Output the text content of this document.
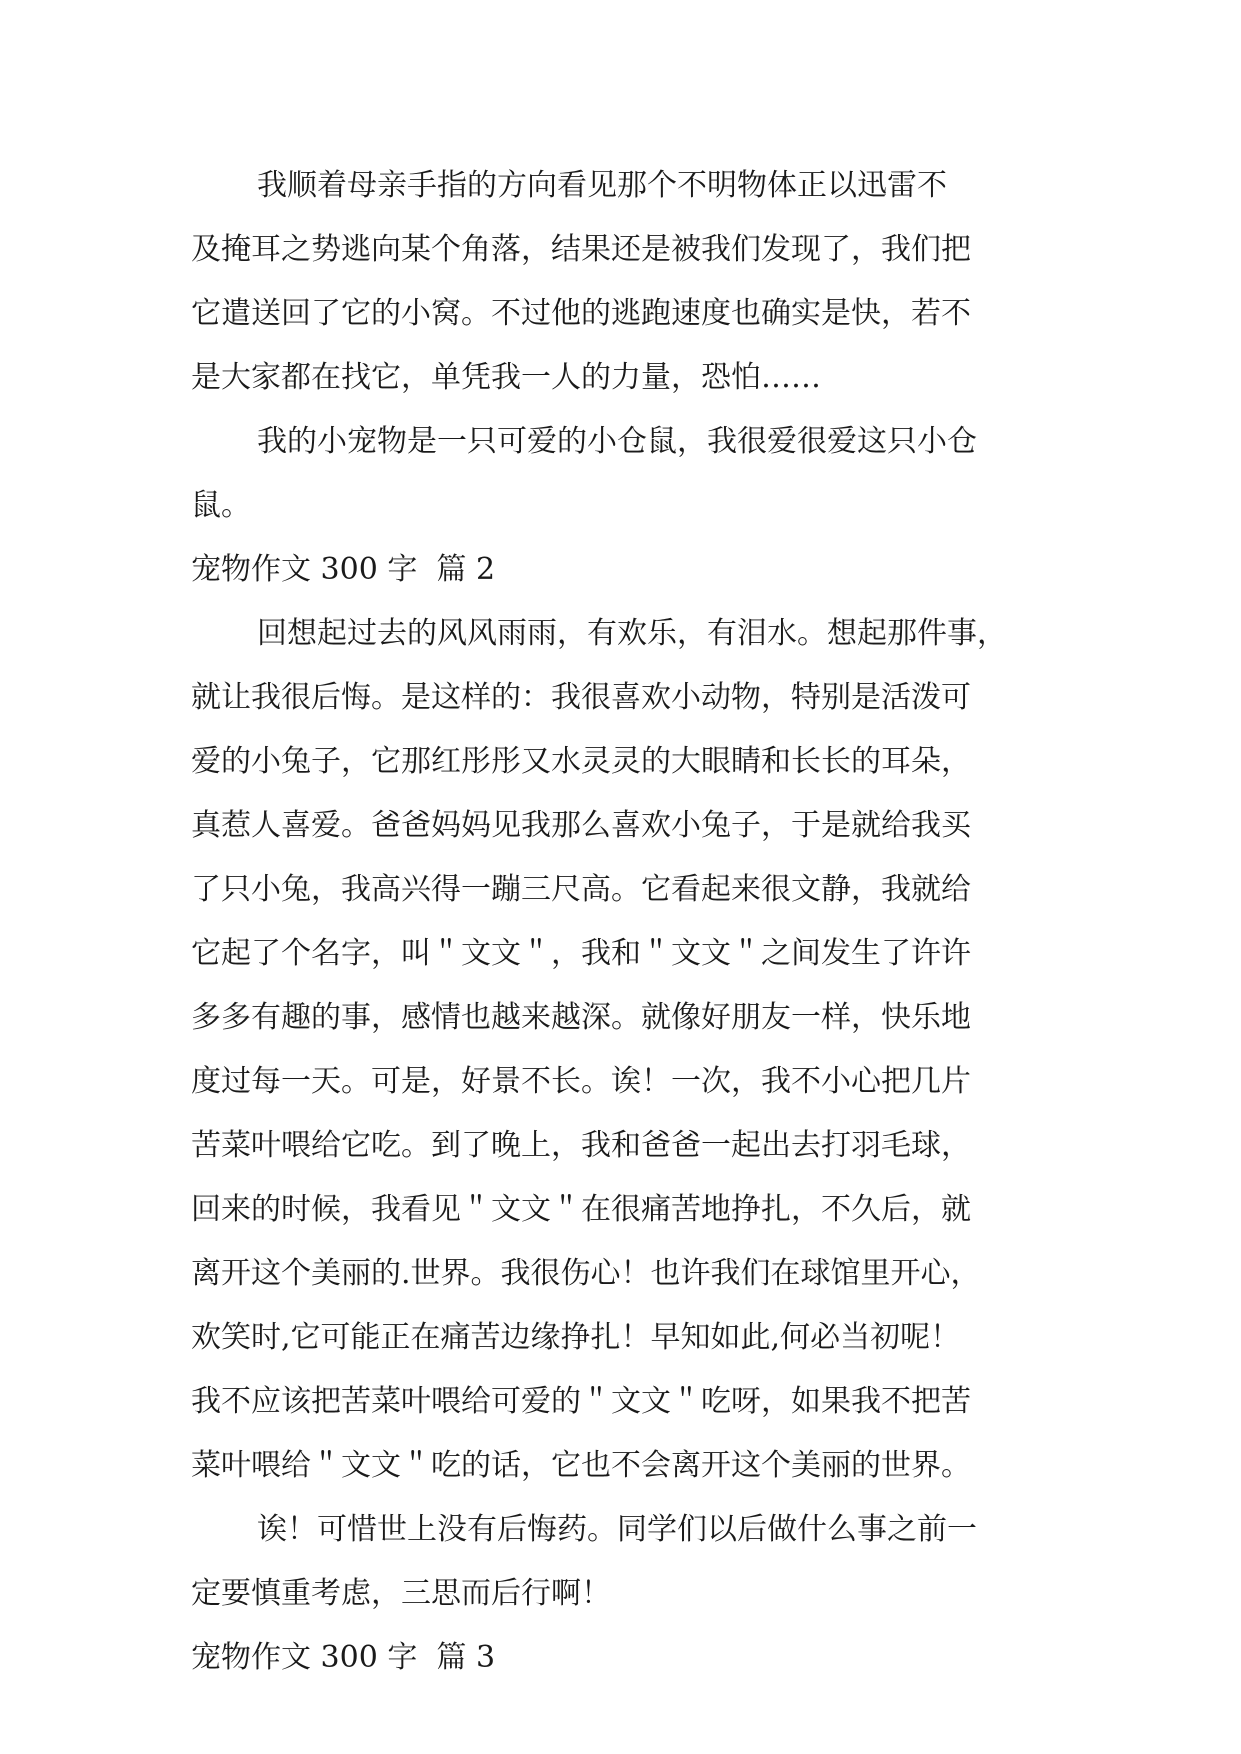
我顺着母亲手指的方向看见那个不明物体正以迅雷不
及掩耳之势逃向某个角落，结果还是被我们发现了，我们把
它遣送回了它的小窝。不过他的逃跑速度也确实是快，若不
是大家都在找它，单凭我一人的力量，恐怕……
我的小宠物是一只可爱的小仓鼠，我很爱很爱这只小仓
鼠。
宠物作文 300 字  篇 2
回想起过去的风风雨雨，有欢乐，有泪水。想起那件事，
就让我很后悔。是这样的：我很喜欢小动物，特别是活泼可
爱的小兔子，它那红彤彤又水灵灵的大眼睛和长长的耳朵，
真惹人喜爱。爸爸妈妈见我那么喜欢小兔子，于是就给我买
了只小兔，我高兴得一蹦三尺高。它看起来很文静，我就给
它起了个名字，叫＂文文＂，我和＂文文＂之间发生了许许
多多有趣的事，感情也越来越深。就像好朋友一样，快乐地
度过每一天。可是，好景不长。诶！一次，我不小心把几片
苦菜叶喂给它吃。到了晚上，我和爸爸一起出去打羽毛球，
回来的时候，我看见＂文文＂在很痛苦地挣扎，不久后，就
离开这个美丽的.世界。我很伤心！也许我们在球馆里开心，
欢笑时,它可能正在痛苦边缘挣扎！早知如此,何必当初呢！
我不应该把苦菜叶喂给可爱的＂文文＂吃呀，如果我不把苦
菜叶喂给＂文文＂吃的话，它也不会离开这个美丽的世界。
诶！可惜世上没有后悔药。同学们以后做什么事之前一
定要慎重考虑，三思而后行啊！
宠物作文 300 字  篇 3
